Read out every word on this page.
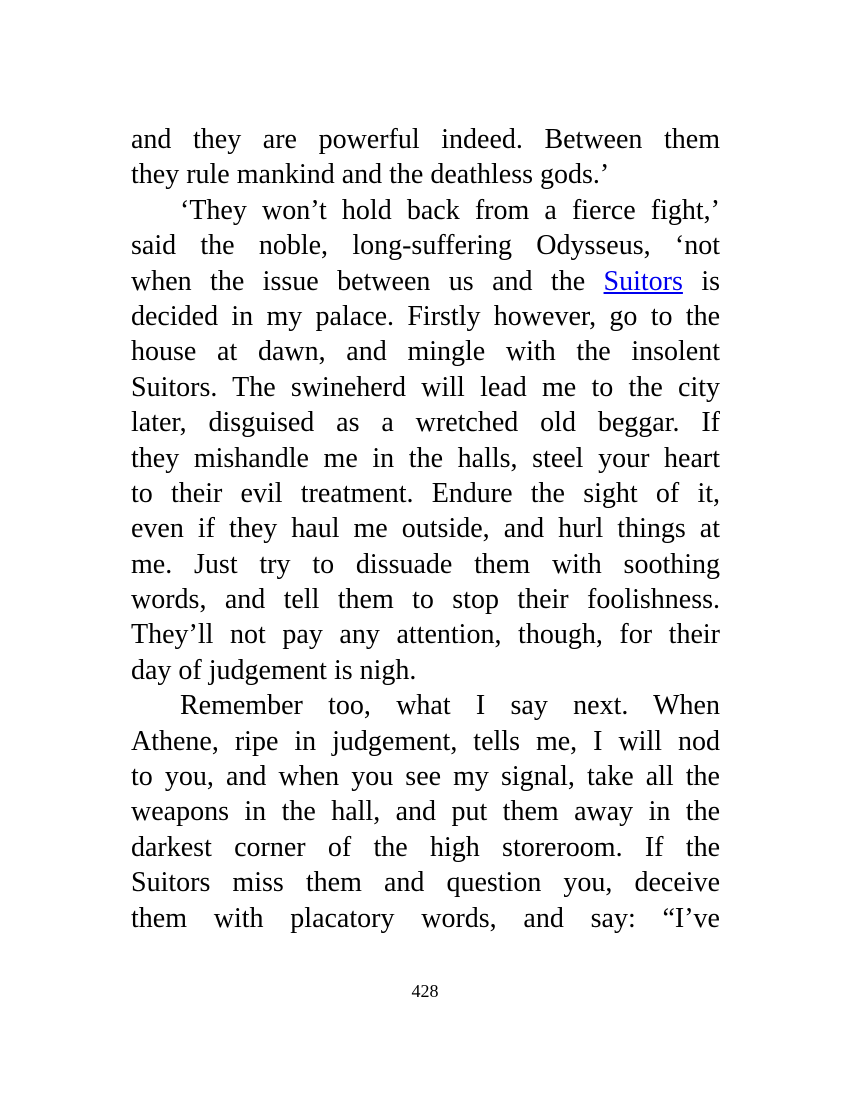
and they are powerful indeed. Between them
they rule mankind and the deathless gods.’
‘They won’t hold back from a fierce fight,’
said the noble, long-suffering Odysseus, ‘not
when the issue between us and the Suitors is
decided in my palace. Firstly however, go to the
house at dawn, and mingle with the insolent
Suitors. The swineherd will lead me to the city
later, disguised as a wretched old beggar. If
they mishandle me in the halls, steel your heart
to their evil treatment. Endure the sight of it,
even if they haul me outside, and hurl things at
me. Just try to dissuade them with soothing
words, and tell them to stop their foolishness.
They’ll not pay any attention, though, for their
day of judgement is nigh.
Remember too, what I say next. When
Athene, ripe in judgement, tells me, I will nod
to you, and when you see my signal, take all the
weapons in the hall, and put them away in the
darkest corner of the high storeroom. If the
Suitors miss them and question you, deceive
them with placatory words, and say: “I’ve
428
